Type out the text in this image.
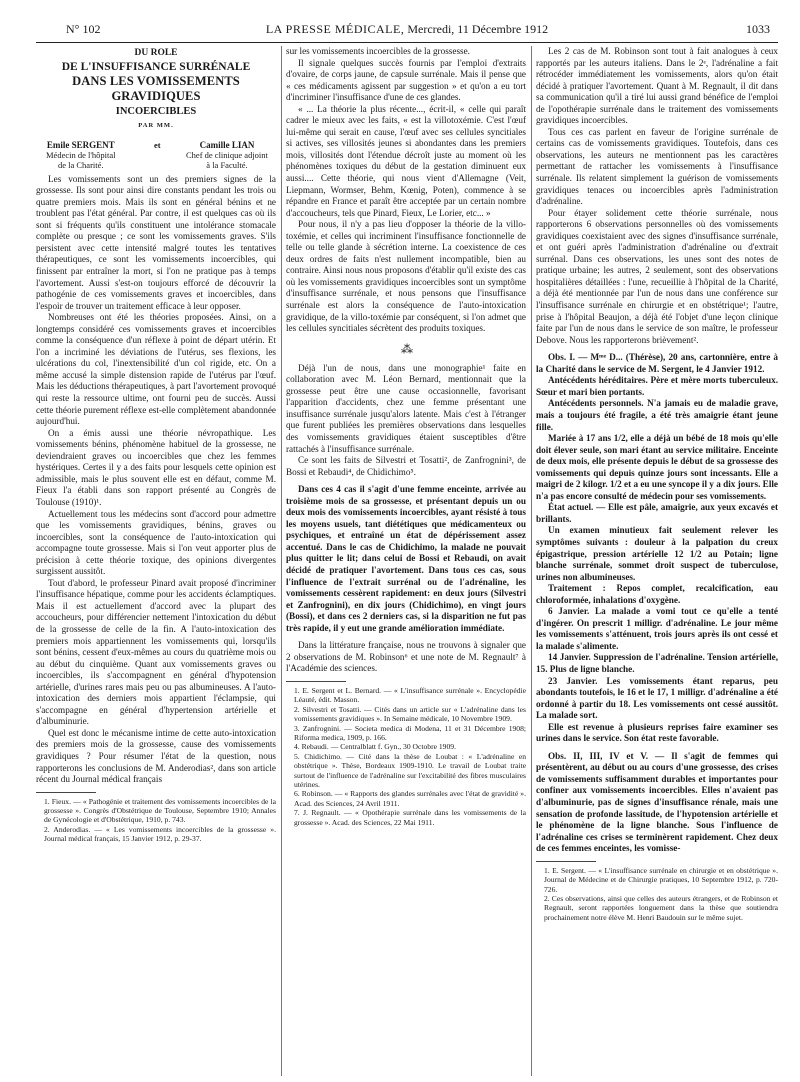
N° 102	LA PRESSE MÉDICALE, Mercredi, 11 Décembre 1912	1033
DU ROLE
DE L'INSUFFISANCE SURRÉNALE
DANS LES VOMISSEMENTS GRAVIDIQUES
INCOERCIBLES
PAR MM.
Emile SERGENT
Médecin de l'hôpital
de la Charité.
et	Camille LIAN
Chef de clinique adjoint
à la Faculté.

Les vomissements sont un des premiers signes de la grossesse. Ils sont pour ainsi dire constants pendant les trois ou quatre premiers mois. Mais ils sont en général bénins et ne troublent pas l'état général. Par contre, il est quelques cas où ils sont si fréquents qu'ils constituent une intolérance stomacale complète ou presque ; ce sont les vomissements graves. S'ils persistent avec cette intensité malgré toutes les tentatives thérapeutiques, ce sont les vomissements incoercibles, qui finissent par entraîner la mort, si l'on ne pratique pas à temps l'avortement. Aussi s'est-on toujours efforcé de découvrir la pathogénie de ces vomissements graves et incoercibles, dans l'espoir de trouver un traitement efficace à leur opposer.

Nombreuses ont été les théories proposées. Ainsi, on a longtemps considéré ces vomissements graves et incoercibles comme la conséquence d'un réflexe à point de départ utérin. Et l'on a incriminé les déviations de l'utérus, ses flexions, les ulcérations du col, l'inextensibilité d'un col rigide, etc. On a même accusé la simple distension rapide de l'utérus par l'œuf. Mais les déductions thérapeutiques, à part l'avortement provoqué qui reste la ressource ultime, ont fourni peu de succès. Aussi cette théorie purement réflexe est-elle complètement abandonnée aujourd'hui.

On a émis aussi une théorie névropathique. Les vomissements bénins, phénomène habituel de la grossesse, ne deviendraient graves ou incoercibles que chez les femmes hystériques. Certes il y a des faits pour lesquels cette opinion est admissible, mais le plus souvent elle est en défaut, comme M. Fieux l'a établi dans son rapport présenté au Congrès de Toulouse (1910)¹.

Actuellement tous les médecins sont d'accord pour admettre que les vomissements gravidiques, bénins, graves ou incoercibles, sont la conséquence de l'auto-intoxication qui accompagne toute grossesse. Mais si l'on veut apporter plus de précision à cette théorie toxique, des opinions divergentes surgissent aussitôt.

Tout d'abord, le professeur Pinard avait proposé d'incriminer l'insuffisance hépatique, comme pour les accidents éclamptiques. Mais il est actuellement d'accord avec la plupart des accoucheurs, pour différencier nettement l'intoxication du début de la grossesse de celle de la fin. A l'auto-intoxication des premiers mois appartiennent les vomissements qui, lorsqu'ils sont bénins, cessent d'eux-mêmes au cours du quatrième mois ou au début du cinquième. Quant aux vomissements graves ou incoercibles, ils s'accompagnent en général d'hypotension artérielle, d'urines rares mais peu ou pas albumineuses. A l'auto-intoxication des derniers mois appartient l'éclampsie, qui s'accompagne en général d'hypertension artérielle et d'albuminurie.

Quel est donc le mécanisme intime de cette auto-intoxication des premiers mois de la grossesse, cause des vomissements gravidiques ? Pour résumer l'état de la question, nous rapporterons les conclusions de M. Anderodias², dans son article récent du Journal médical français

1. Fieux. — « Pathogénie et traitement des vomissements incoercibles de la grossesse ». Congrès d'Obstétrique de Toulouse, Septembre 1910; Annales de Gynécologie et d'Obstétrique, 1910, p. 743.

2. Anderodias. — « Les vomissements incoercibles de la grossesse ». Journal médical français, 15 Janvier 1912, p. 29-37.

sur les vomissements incoercibles de la grossesse.

Il signale quelques succès fournis par l'emploi d'extraits d'ovaire, de corps jaune, de capsule surrénale. Mais il pense que « ces médicaments agissent par suggestion » et qu'on a eu tort d'incriminer l'insuffisance d'une de ces glandes.

« ... La théorie la plus récente..., écrit-il, « celle qui paraît cadrer le mieux avec les faits, « est la villotoxémie. C'est l'œuf lui-même qui serait en cause, l'œuf avec ses cellules syncitiales si actives, ses villosités jeunes si abondantes dans les premiers mois, villosités dont l'étendue décroît juste au moment où les phénomènes toxiques du début de la gestation diminuent eux aussi.... Cette théorie, qui nous vient d'Allemagne (Veit, Liepmann, Wormser, Behm, Kœnig, Poten), commence à se répandre en France et paraît être acceptée par un certain nombre d'accoucheurs, tels que Pinard, Fieux, Le Lorier, etc... »

Pour nous, il n'y a pas lieu d'opposer la théorie de la villo-toxémie, et celles qui incriminent l'insuffisance fonctionnelle de telle ou telle glande à sécrétion interne. La coexistence de ces deux ordres de faits n'est nullement incompatible, bien au contraire. Ainsi nous nous proposons d'établir qu'il existe des cas où les vomissements gravidiques incoercibles sont un symptôme d'insuffisance surrénale, et nous pensons que l'insuffisance surrénale est alors la conséquence de l'auto-intoxication gravidique, de la villo-toxémie par conséquent, si l'on admet que les cellules syncitiales sécrètent des produits toxiques.

⁂

Déjà l'un de nous, dans une monographie¹ faite en collaboration avec M. Léon Bernard, mentionnait que la grossesse peut être une cause occasionnelle, favorisant l'apparition d'accidents, chez une femme présentant une insuffisance surrénale jusqu'alors latente. Mais c'est à l'étranger que furent publiées les premières observations dans lesquelles des vomissements gravidiques étaient susceptibles d'être rattachés à l'insuffisance surrénale.

Ce sont les faits de Silvestri et Tosatti², de Zanfrognini³, de Bossi et Rebaudi⁴, de Chidichimo⁵.

Dans ces 4 cas il s'agit d'une femme enceinte, arrivée au troisième mois de sa grossesse, et présentant depuis un ou deux mois des vomissements incoercibles, ayant résisté à tous les moyens usuels, tant diététiques que médicamenteux ou psychiques, et entraîné un état de dépérissement assez accentué. Dans le cas de Chidichimo, la malade ne pouvait plus quitter le lit; dans celui de Bossi et Rebaudi, on avait décidé de pratiquer l'avortement. Dans tous ces cas, sous l'influence de l'extrait surrénal ou de l'adrénaline, les vomissements cessèrent rapidement: en deux jours (Silvestri et Zanfrognini), en dix jours (Chidichimo), en vingt jours (Bossi), et dans ces 2 derniers cas, si la disparition ne fut pas très rapide, il y eut une grande amélioration immédiate.

Dans la littérature française, nous ne trouvons à signaler que 2 observations de M. Robinson⁶ et une note de M. Regnault⁷ à l'Académie des sciences.

1. E. Sergent et L. Bernard. — « L'insuffisance surrénale ». Encyclopédie Léauté, édit. Masson.

2. Silvestri et Tosatti. — Cités dans un article sur « L'adrénaline dans les vomissements gravidiques ». In Semaine médicale, 10 Novembre 1909.

3. Zanfrognini. — Societa medica di Modena, 11 et 31 Décembre 1908; Riforma medica, 1909, p. 166.

4. Rebaudi. — Centralblatt f. Gyn., 30 Octobre 1909.

5. Chidichimo. — Cité dans la thèse de Loubat : « L'adrénaline en obstétrique ». Thèse, Bordeaux 1909-1910. Le travail de Loubat traite surtout de l'influence de l'adrénaline sur l'excitabilité des fibres musculaires utérines.

6. Robinson. — « Rapports des glandes surrénales avec l'état de gravidité ». Acad. des Sciences, 24 Avril 1911.

7. J. Regnault. — « Opothérapie surrénale dans les vomissements de la grossesse ». Acad. des Sciences, 22 Mai 1911.

Les 2 cas de M. Robinson sont tout à fait analogues à ceux rapportés par les auteurs italiens. Dans le 2ᵉ, l'adrénaline a fait rétrocéder immédiatement les vomissements, alors qu'on était décidé à pratiquer l'avortement. Quant à M. Regnault, il dit dans sa communication qu'il a tiré lui aussi grand bénéfice de l'emploi de l'opothérapie surrénale dans le traitement des vomissements gravidiques incoercibles.

Tous ces cas parlent en faveur de l'origine surrénale de certains cas de vomissements gravidiques. Toutefois, dans ces observations, les auteurs ne mentionnent pas les caractères permettant de rattacher les vomissements à l'insuffisance surrénale. Ils relatent simplement la guérison de vomissements gravidiques tenaces ou incoercibles après l'administration d'adrénaline.

Pour étayer solidement cette théorie surrénale, nous rapporterons 6 observations personnelles où des vomissements gravidiques coexistaient avec des signes d'insuffisance surrénale, et ont guéri après l'administration d'adrénaline ou d'extrait surrénal. Dans ces observations, les unes sont des notes de pratique urbaine; les autres, 2 seulement, sont des observations hospitalières détaillées : l'une, recueillie à l'hôpital de la Charité, a déjà été mentionnée par l'un de nous dans une conférence sur l'insuffisance surrénale en chirurgie et en obstétrique¹; l'autre, prise à l'hôpital Beaujon, a déjà été l'objet d'une leçon clinique faite par l'un de nous dans le service de son maître, le professeur Debove. Nous les rapporterons brièvement².

Obs. I. — Mᵐᵉ D... (Thérèse), 20 ans, cartonnière, entre à la Charité dans le service de M. Sergent, le 4 Janvier 1912.

Antécédents héréditaires. Père et mère morts tuberculeux. Sœur et mari bien portants.

Antécédents personnels. N'a jamais eu de maladie grave, mais a toujours été fragile, a été très amaigrie étant jeune fille.

Mariée à 17 ans 1/2, elle a déjà un bébé de 18 mois qu'elle doit élever seule, son mari étant au service militaire. Enceinte de deux mois, elle présente depuis le début de sa grossesse des vomissements qui depuis quinze jours sont incessants. Elle a maigri de 2 kilogr. 1/2 et a eu une syncope il y a dix jours. Elle n'a pas encore consulté de médecin pour ses vomissements.

État actuel. — Elle est pâle, amaigrie, aux yeux excavés et brillants.

Un examen minutieux fait seulement relever les symptômes suivants : douleur à la palpation du creux épigastrique, pression artérielle 12 1/2 au Potain; ligne blanche surrénale, sommet droit suspect de tuberculose, urines non albumineuses.

Traitement : Repos complet, recalcification, eau chloroformée, inhalations d'oxygène.

6 Janvier. La malade a vomi tout ce qu'elle a tenté d'ingérer. On prescrit 1 milligr. d'adrénaline. Le jour même les vomissements s'atténuent, trois jours après ils ont cessé et la malade s'alimente.

14 Janvier. Suppression de l'adrénaline. Tension artérielle, 15. Plus de ligne blanche.

23 Janvier. Les vomissements étant reparus, peu abondants toutefois, le 16 et le 17, 1 milligr. d'adrénaline a été ordonné à partir du 18. Les vomissements ont cessé aussitôt. La malade sort.

Elle est revenue à plusieurs reprises faire examiner ses urines dans le service. Son état reste favorable.

Obs. II, III, IV et V. — Il s'agit de femmes qui présentèrent, au début ou au cours d'une grossesse, des crises de vomissements suffisamment durables et importantes pour confiner aux vomissements incoercibles. Elles n'avaient pas d'albuminurie, pas de signes d'insuffisance rénale, mais une sensation de profonde lassitude, de l'hypotension artérielle et le phénomène de la ligne blanche. Sous l'influence de l'adrénaline ces crises se terminèrent rapidement. Chez deux de ces femmes enceintes, les vomisse-

1. E. Sergent. — « L'insuffisance surrénale en chirurgie et en obstétrique ». Journal de Médecine et de Chirurgie pratiques, 10 Septembre 1912, p. 720-726.

2. Ces observations, ainsi que celles des auteurs étrangers, et de Robinson et Regnault, seront rapportées longuement dans la thèse que soutiendra prochainement notre élève M. Henri Baudouin sur le même sujet.
